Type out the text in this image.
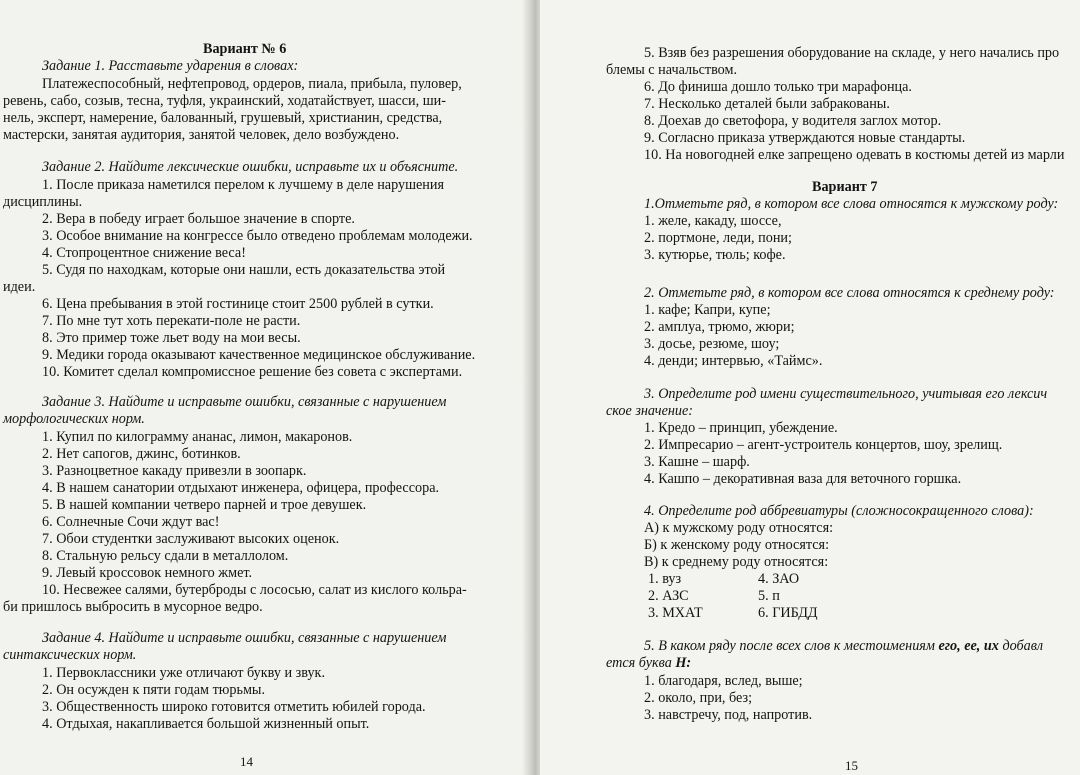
Вариант № 6
Задание 1. Расставьте ударения в словах:
Платежеспособный, нефтепровод, ордеров, пиала, прибыла, пуловер,
ревень, сабо, созыв, тесна, туфля, украинский, ходатайствует, шасси, ши-
нель, эксперт, намерение, балованный, грушевый, христианин, средства,
мастерски, занятая аудитория, занятой человек, дело возбуждено.
Задание 2. Найдите лексические ошибки, исправьте их и объясните.
1. После приказа наметился перелом к лучшему в деле нарушения
дисциплины.
2. Вера в победу играет большое значение в спорте.
3. Особое внимание на конгрессе было отведено проблемам молодежи.
4. Стопроцентное снижение веса!
5. Судя по находкам, которые они нашли, есть доказательства этой
идеи.
6. Цена пребывания в этой гостинице стоит 2500 рублей в сутки.
7. По мне тут хоть перекати-поле не расти.
8. Это пример тоже льет воду на мои весы.
9. Медики города оказывают качественное медицинское обслуживание.
10. Комитет сделал компромиссное решение без совета с экспертами.
Задание 3. Найдите и исправьте ошибки, связанные с нарушением
морфологических норм.
1. Купил по килограмму ананас, лимон, макаронов.
2. Нет сапогов, джинс, ботинков.
3. Разноцветное какаду привезли в зоопарк.
4. В нашем санатории отдыхают инженера, офицера, профессора.
5. В нашей компании четверо парней и трое девушек.
6. Солнечные Сочи ждут вас!
7. Обои студентки заслуживают высоких оценок.
8. Стальную рельсу сдали в металлолом.
9. Левый кроссовок немного жмет.
10. Несвежее салями, бутерброды с лососью, салат из кислого кольра-
би пришлось выбросить в мусорное ведро.
Задание 4. Найдите и исправьте ошибки, связанные с нарушением
синтаксических норм.
1. Первоклассники уже отличают букву и звук.
2. Он осужден к пяти годам тюрьмы.
3. Общественность широко готовится отметить юбилей города.
4. Отдыхая, накапливается большой жизненный опыт.
14
5. Взяв без разрешения оборудование на складе, у него начались про
блемы с начальством.
6. До финиша дошло только три марафонца.
7. Несколько деталей были забракованы.
8. Доехав до светофора, у водителя заглох мотор.
9. Согласно приказа утверждаются новые стандарты.
10. На новогодней елке запрещено одевать в костюмы детей из марли
Вариант 7
1.Отметьте ряд, в котором все слова относятся к мужскому роду:
1. желе, какаду, шоссе,
2. портмоне, леди, пони;
3. кутюрье, тюль; кофе.
2. Отметьте ряд, в котором все слова относятся к среднему роду:
1. кафе; Капри, купе;
2. амплуа, трюмо, жюри;
3. досье, резюме, шоу;
4. денди; интервью, «Таймс».
3. Определите род имени существительного, учитывая его лексич
ское значение:
1. Кредо – принцип, убеждение.
2. Импресарио – агент-устроитель концертов, шоу, зрелищ.
3. Кашне – шарф.
4. Кашпо – декоративная ваза для веточного горшка.
4. Определите род аббревиатуры (сложносокращенного слова):
А) к мужскому роду относятся:
Б) к женскому роду относятся:
В) к среднему роду относятся:
1. вуз	4. ЗАО
2. АЗС	5. п
3. МХАТ	6. ГИБДД
5. В каком ряду после всех слов к местоимениям его, ее, их добавл
ется буква Н:
1. благодаря, вслед, выше;
2. около, при, без;
3. навстречу, под, напротив.
15
